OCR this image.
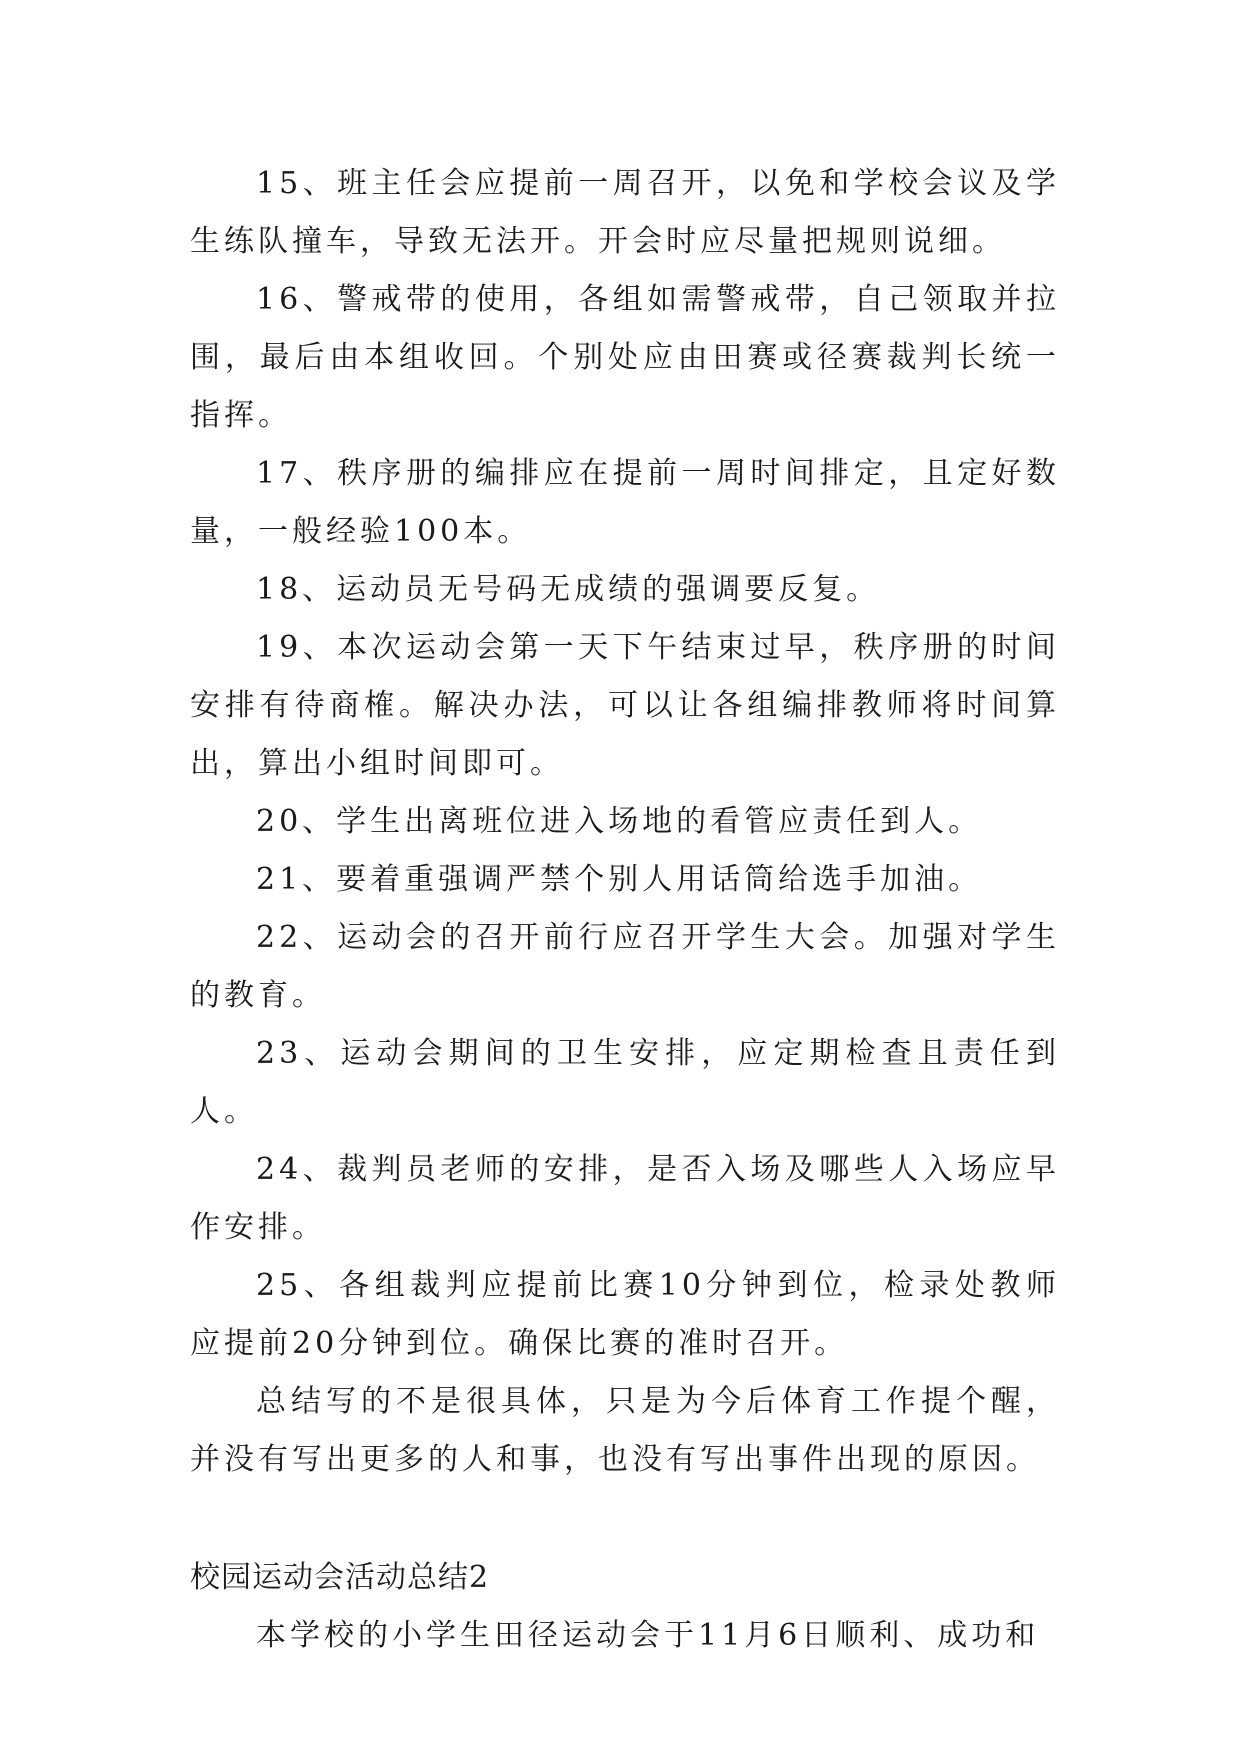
15、班主任会应提前一周召开，以免和学校会议及学生练队撞车，导致无法开。开会时应尽量把规则说细。

16、警戒带的使用，各组如需警戒带，自己领取并拉围，最后由本组收回。个别处应由田赛或径赛裁判长统一指挥。

17、秩序册的编排应在提前一周时间排定，且定好数量，一般经验100本。

18、运动员无号码无成绩的强调要反复。

19、本次运动会第一天下午结束过早，秩序册的时间安排有待商榷。解决办法，可以让各组编排教师将时间算出，算出小组时间即可。

20、学生出离班位进入场地的看管应责任到人。

21、要着重强调严禁个别人用话筒给选手加油。

22、运动会的召开前行应召开学生大会。加强对学生的教育。

23、运动会期间的卫生安排，应定期检查且责任到人。

24、裁判员老师的安排，是否入场及哪些人入场应早作安排。

25、各组裁判应提前比赛10分钟到位，检录处教师应提前20分钟到位。确保比赛的准时召开。

总结写的不是很具体，只是为今后体育工作提个醒，并没有写出更多的人和事，也没有写出事件出现的原因。

校园运动会活动总结2

本学校的小学生田径运动会于11月6日顺利、成功和
